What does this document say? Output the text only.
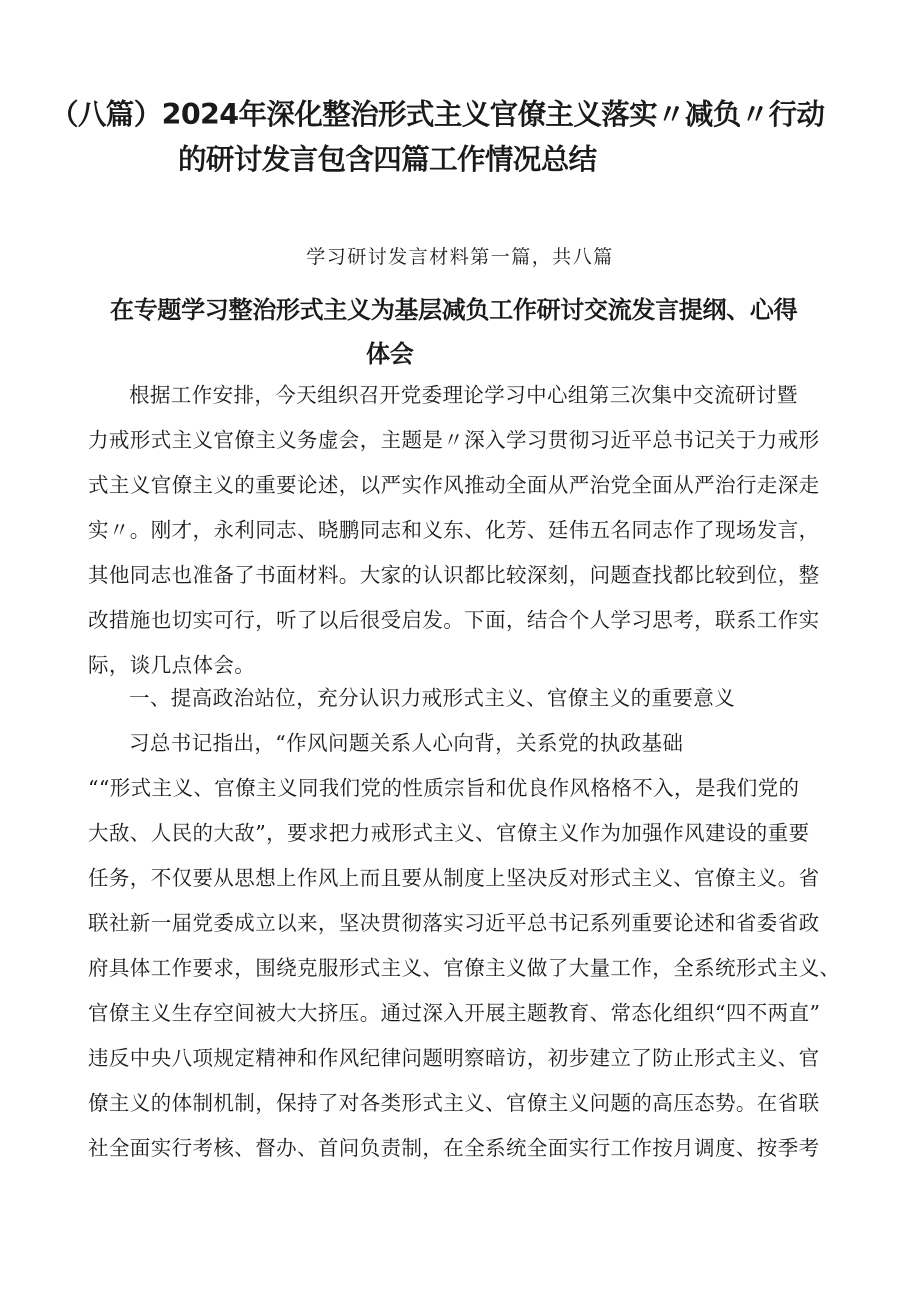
（八篇）2024年深化整治形式主义官僚主义落实〃减负〃行动
的研讨发言包含四篇工作情况总结
学习研讨发言材料第一篇，共八篇
在专题学习整治形式主义为基层减负工作研讨交流发言提纲、心得
体会
根据工作安排，今天组织召开党委理论学习中心组第三次集中交流研讨暨
力戒形式主义官僚主义务虚会，主题是〃深入学习贯彻习近平总书记关于力戒形
式主义官僚主义的重要论述，以严实作风推动全面从严治党全面从严治行走深走
实〃。刚才，永利同志、晓鹏同志和义东、化芳、廷伟五名同志作了现场发言，
其他同志也准备了书面材料。大家的认识都比较深刻，问题查找都比较到位，整
改措施也切实可行，听了以后很受启发。下面，结合个人学习思考，联系工作实
际，谈几点体会。
一、提高政治站位，充分认识力戒形式主义、官僚主义的重要意义
习总书记指出，“作风问题关系人心向背，关系党的执政基础
““形式主义、官僚主义同我们党的性质宗旨和优良作风格格不入，是我们党的
大敌、人民的大敌”，要求把力戒形式主义、官僚主义作为加强作风建设的重要
任务，不仅要从思想上作风上而且要从制度上坚决反对形式主义、官僚主义。省
联社新一届党委成立以来，坚决贯彻落实习近平总书记系列重要论述和省委省政
府具体工作要求，围绕克服形式主义、官僚主义做了大量工作，全系统形式主义、
官僚主义生存空间被大大挤压。通过深入开展主题教育、常态化组织“四不两直”
违反中央八项规定精神和作风纪律问题明察暗访，初步建立了防止形式主义、官
僚主义的体制机制，保持了对各类形式主义、官僚主义问题的高压态势。在省联
社全面实行考核、督办、首问负责制，在全系统全面实行工作按月调度、按季考
